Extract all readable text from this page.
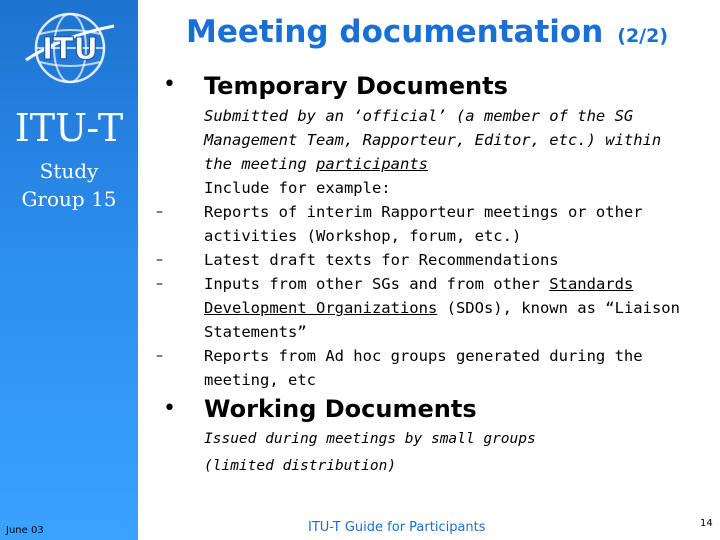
ITU
ITU-T
Study
Group 15
Meeting documentation (2/2)
• Temporary Documents
Submitted by an ‘official’ (a member of the SG Management Team, Rapporteur, Editor, etc.) within the meeting participants
Include for example:
–	Reports of interim Rapporteur meetings or other activities (Workshop, forum, etc.)
–	Latest draft texts for Recommendations
–	Inputs from other SGs and from other Standards Development Organizations (SDOs), known as “Liaison Statements”
–	Reports from Ad hoc groups generated during the meeting, etc
• Working Documents
Issued during meetings by small groups
(limited distribution)
June 03	ITU-T Guide for Participants	14
